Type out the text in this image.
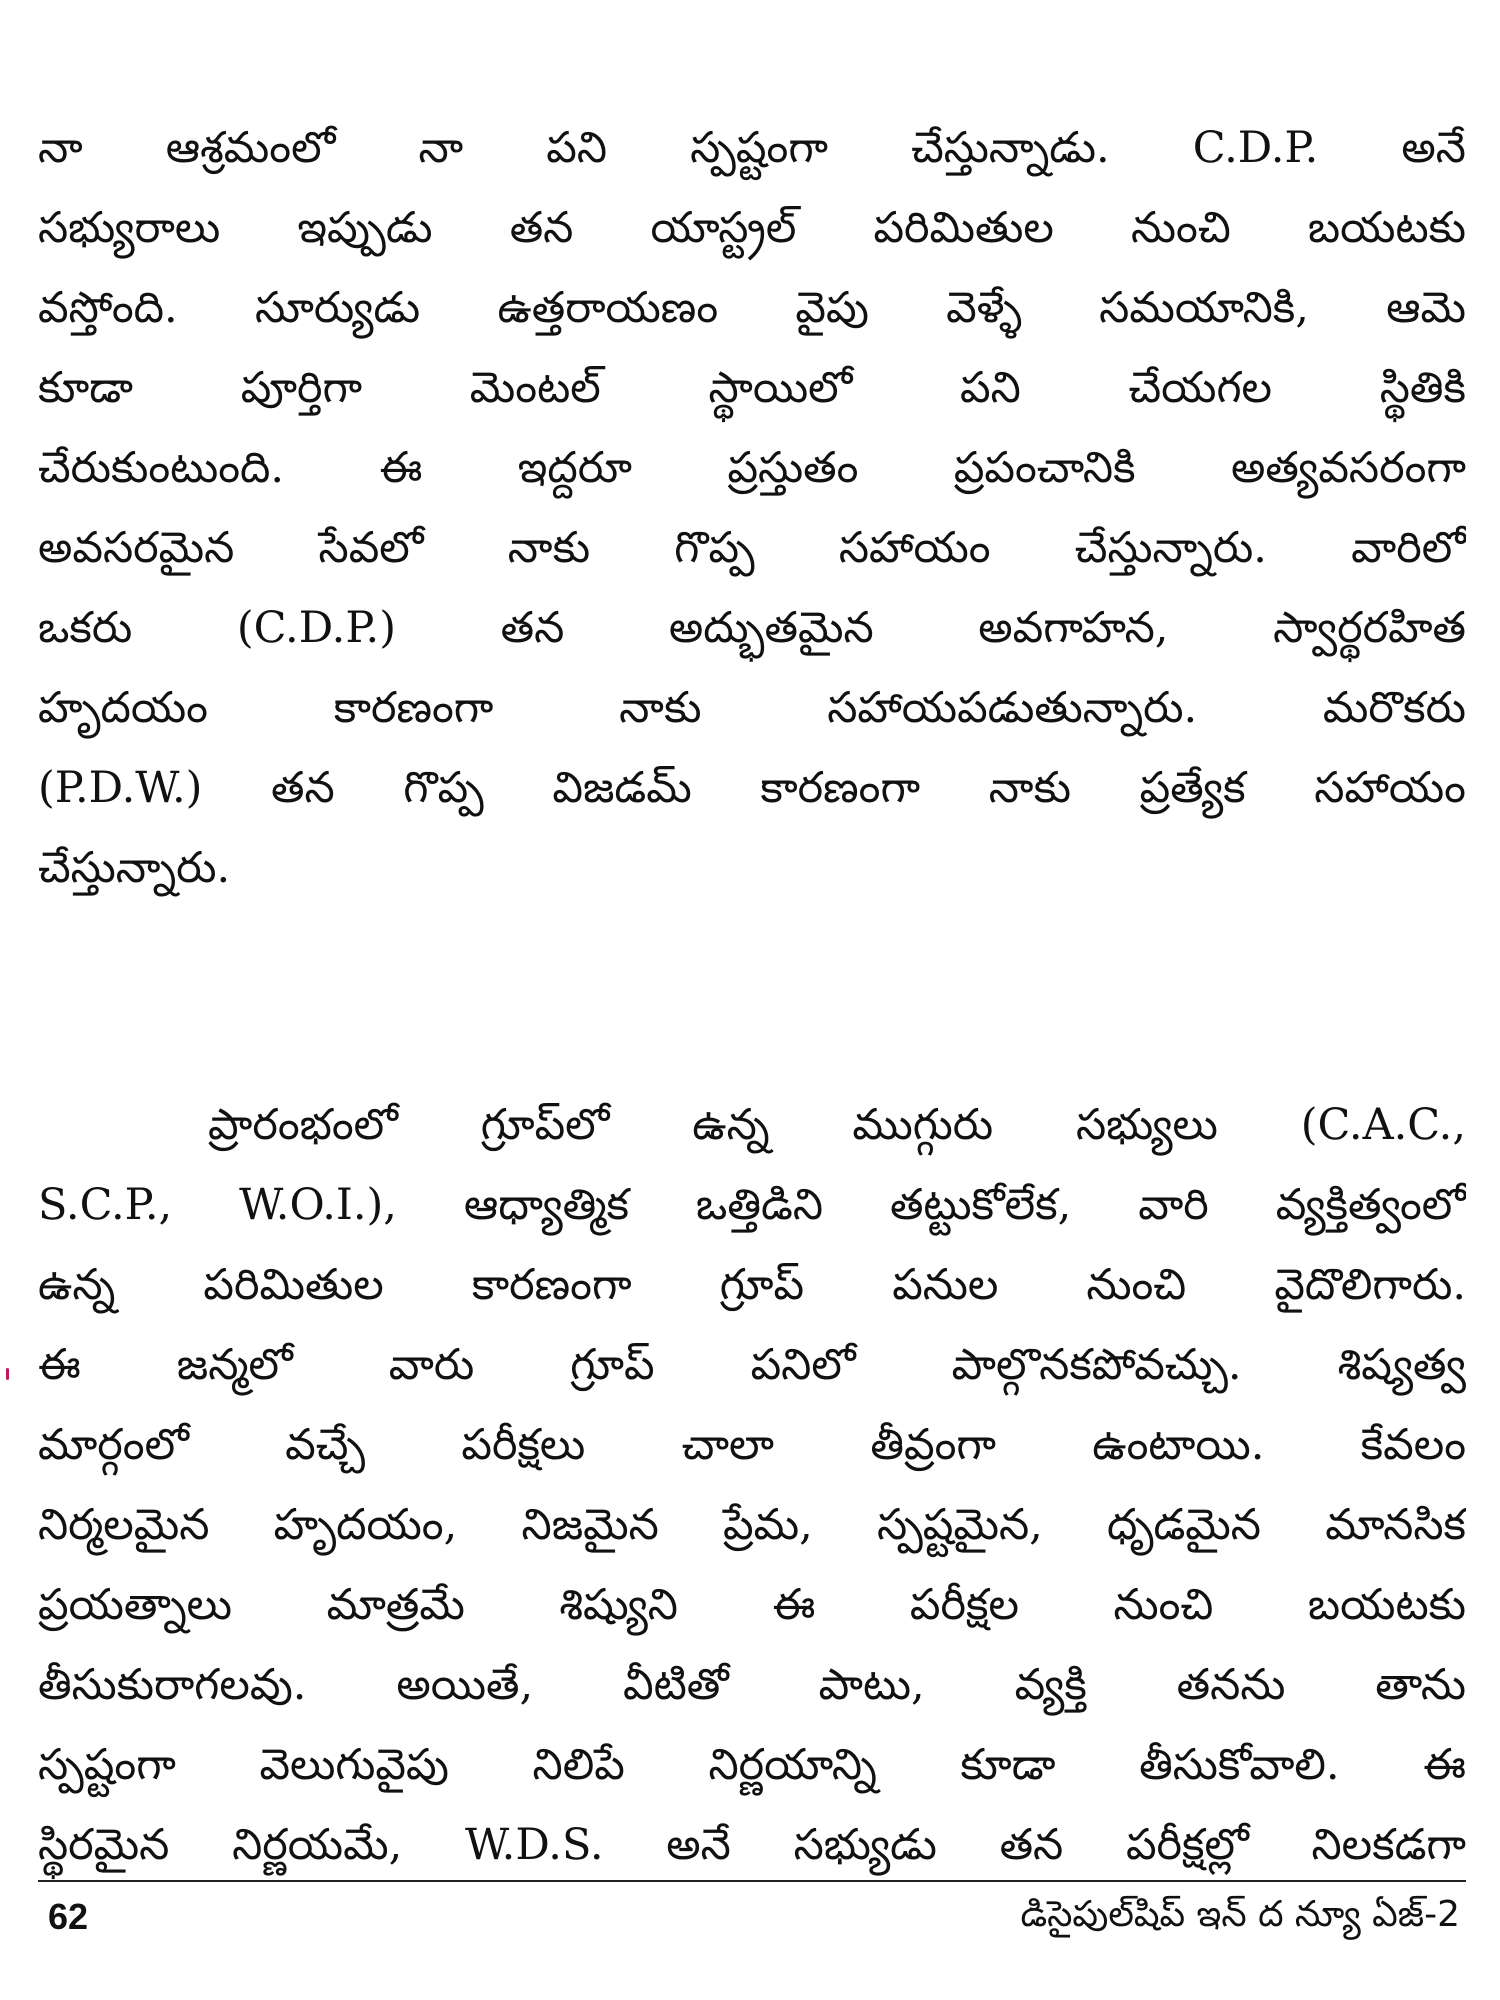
నా ఆశ్రమంలో నా పని స్పష్టంగా చేస్తున్నాడు. C.D.P. అనే
సభ్యురాలు ఇప్పుడు తన యాస్ట్రల్ పరిమితుల నుంచి బయటకు
వస్తోంది. సూర్యుడు ఉత్తరాయణం వైపు వెళ్ళే సమయానికి, ఆమె
కూడా పూర్తిగా మెంటల్ స్థాయిలో పని చేయగల స్థితికి
చేరుకుంటుంది. ఈ ఇద్దరూ ప్రస్తుతం ప్రపంచానికి అత్యవసరంగా
అవసరమైన సేవలో నాకు గొప్ప సహాయం చేస్తున్నారు. వారిలో
ఒకరు (C.D.P.) తన అద్భుతమైన అవగాహన, స్వార్థరహిత
హృదయం కారణంగా నాకు సహాయపడుతున్నారు. మరొకరు
(P.D.W.) తన గొప్ప విజడమ్ కారణంగా నాకు ప్రత్యేక సహాయం
చేస్తున్నారు.
ప్రారంభంలో గ్రూప్‌లో ఉన్న ముగ్గురు సభ్యులు (C.A.C.,
S.C.P., W.O.I.), ఆధ్యాత్మిక ఒత్తిడిని తట్టుకోలేక, వారి వ్యక్తిత్వంలో
ఉన్న పరిమితుల కారణంగా గ్రూప్ పనుల నుంచి వైదొలిగారు.
ఈ జన్మలో వారు గ్రూప్ పనిలో పాల్గొనకపోవచ్చు. శిష్యత్వ
మార్గంలో వచ్చే పరీక్షలు చాలా తీవ్రంగా ఉంటాయి. కేవలం
నిర్మలమైన హృదయం, నిజమైన ప్రేమ, స్పష్టమైన, ధృడమైన మానసిక
ప్రయత్నాలు మాత్రమే శిష్యుని ఈ పరీక్షల నుంచి బయటకు
తీసుకురాగలవు. అయితే, వీటితో పాటు, వ్యక్తి తనను తాను
స్పష్టంగా వెలుగువైపు నిలిపే నిర్ణయాన్ని కూడా తీసుకోవాలి. ఈ
స్థిరమైన నిర్ణయమే, W.D.S. అనే సభ్యుడు తన పరీక్షల్లో నిలకడగా
62	డిసైపుల్‌షిప్ ఇన్ ద న్యూ ఏజ్-2
